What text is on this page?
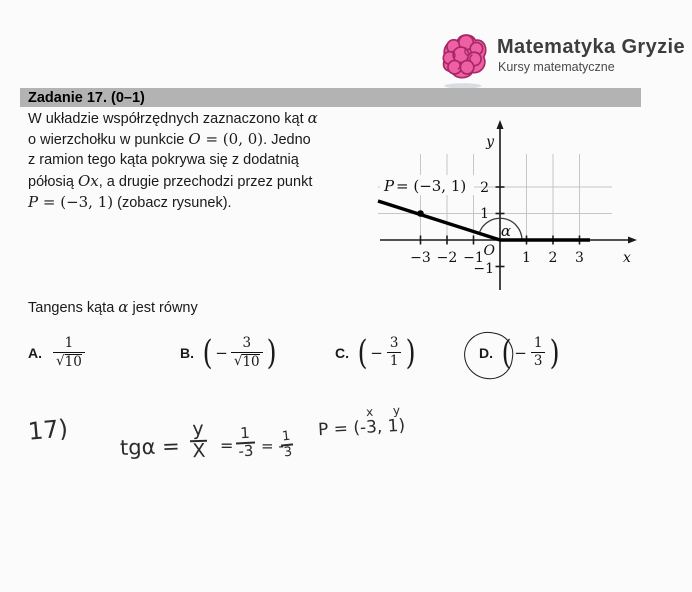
Matematyka Gryzie
Kursy matematyczne
Zadanie 17. (0–1)
W układzie współrzędnych zaznaczono kąt α
o wierzchołku w punkcie O = (0, 0). Jedno
z ramion tego kąta pokrywa się z dodatnią
półosią Ox, a drugie przechodzi przez punkt
P = (−3, 1) (zobacz rysunek).
Tangens kąta α jest równy
P = (−3, 1)
y
x
O
α
−3 −2 −1	1 2 3
2
1
−1
A. $\frac{1}{√ 10}$	B. ( − $\frac{3}{√ 10}$ )	C. ( − $\frac{3}{1}$ )	D. ( − $\frac{1}{3}$ )
17)
tgα =
y
X =
1
-3 = -
1
3
x y
P = (-3, 1)
